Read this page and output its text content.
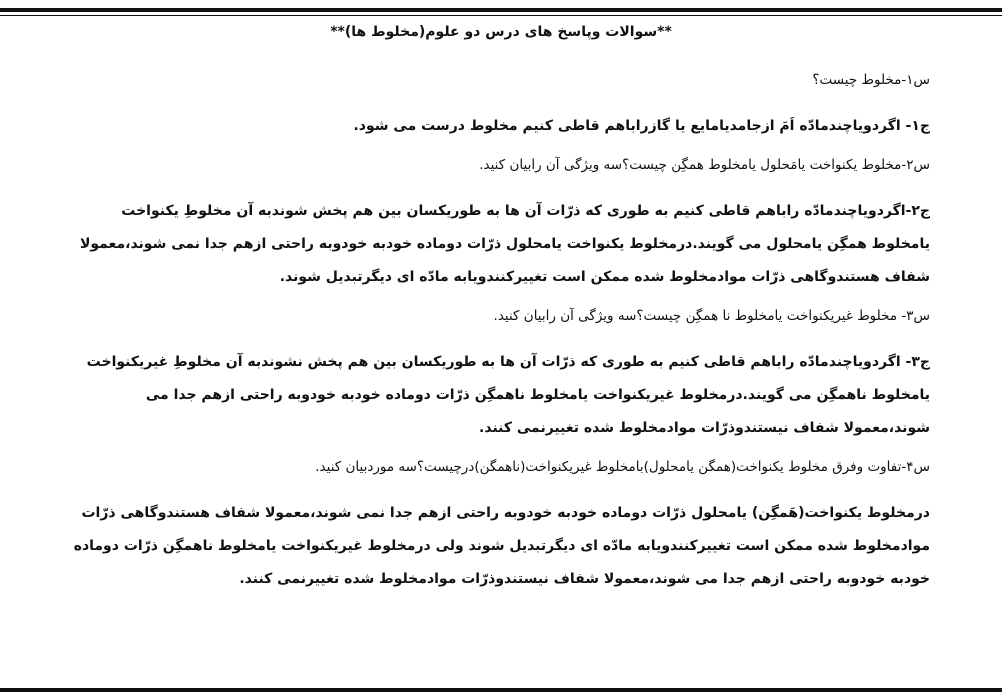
**سوالات وپاسخ های درس دو علوم(مخلوط ها)**

س۱-مخلوط چیست؟

ج۱- اگردویاچندمادّه اَمَ ازجامدیامایع یا گازراباهم قاطی کنیم مخلوط درست می شود.

س۲-مخلوط یکنواخت یامَحلول یامخلوط همگِن چیست؟سه ویژگی آن رابیان کنید.

ج۲-اگردویاچندمادّه راباهم قاطی کنیم به طوری که ذرّات آن ها به طوریکسان بین هم پخش شوندبه آن مخلوطِ یکنواخت یامخلوط همگِن یامحلول می گویند.درمخلوط یکنواخت یامحلول ذرّات دوماده خودبه خودوبه راحتی ازهم جدا نمی شوند،معمولا شفاف هستندوگاهی ذرّات موادمخلوط شده ممکن است تغییرکنندویابه مادّه ای دیگرتبدیل شوند.

س۳- مخلوط غیریکنواخت یامخلوط نا همگِن چیست؟سه ویژگی آن رابیان کنید.

ج۳- اگردویاچندمادّه راباهم قاطی کنیم به طوری که ذرّات آن ها به طوریکسان بین هم پخش نشوندبه آن مخلوطِ غیریکنواخت یامخلوط ناهمگِن می گویند.درمخلوط غیریکنواخت یامخلوط ناهمگِن ذرّات دوماده خودبه خودوبه راحتی ازهم جدا می شوند،معمولا شفاف نیستندوذرّات موادمخلوط شده تغییرنمی کنند.

س۴-تفاوت وفرق مخلوط یکنواخت(همگن یامحلول)بامخلوط غیریکنواخت(ناهمگن)درچیست؟سه موردبیان کنید.

درمخلوط یکنواخت(هَمگِن) یامحلول ذرّات دوماده خودبه خودوبه راحتی ازهم جدا نمی شوند،معمولا شفاف هستندوگاهی ذرّات موادمخلوط شده ممکن است تغییرکنندویابه مادّه ای دیگرتبدیل شوند ولی درمخلوط غیریکنواخت یامخلوط ناهمگِن ذرّات دوماده خودبه خودوبه راحتی ازهم جدا می شوند،معمولا شفاف نیستندوذرّات موادمخلوط شده تغییرنمی کنند.
